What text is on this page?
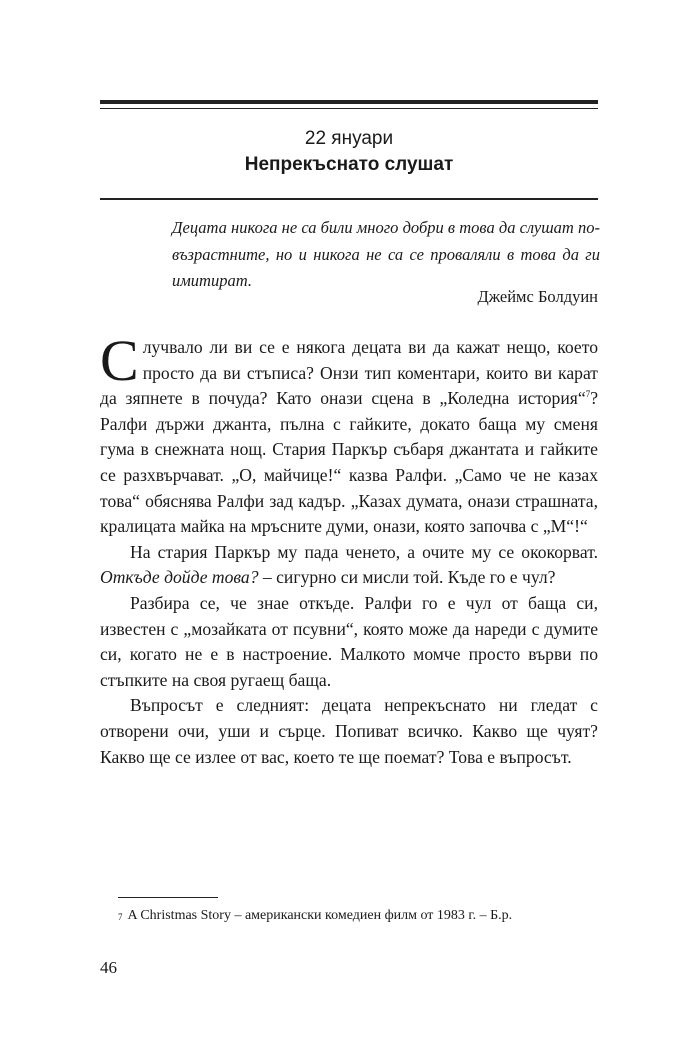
22 януари
Непрекъснато слушат
Децата никога не са били много добри в това да слушат по-възрастните, но и никога не са се проваляли в това да ги имитират.
Джеймс Болдуин

Случвало ли ви се е някога децата ви да кажат нещо, което просто да ви стъписа? Онзи тип коментари, които ви карат да зяпнете в почуда? Като онази сцена в „Коледна история“$^7$? Ралфи държи джанта, пълна с гайките, докато баща му сменя гума в снежната нощ. Стария Паркър събаря джантата и гайките се разхвърчават. „О, майчице!“ казва Ралфи. „Само че не казах това“ обяснява Ралфи зад кадър. „Казах думата, онази страшната, кралицата майка на мръсните думи, онази, която започва с „М“!“

На стария Паркър му пада ченето, а очите му се ококорват. Откъде дойде това? – сигурно си мисли той. Къде го е чул?

Разбира се, че знае откъде. Ралфи го е чул от баща си, известен с „мозайката от псувни“, която може да нареди с думите си, когато не е в настроение. Малкото момче просто върви по стъпките на своя ругаещ баща.

Въпросът е следният: децата непрекъснато ни гледат с отворени очи, уши и сърце. Попиват всичко. Какво ще чуят? Какво ще се излее от вас, което те ще поемат? Това е въпросът.

$^7$ A Christmas Story – американски комедиен филм от 1983 г. – Б.р.
46
